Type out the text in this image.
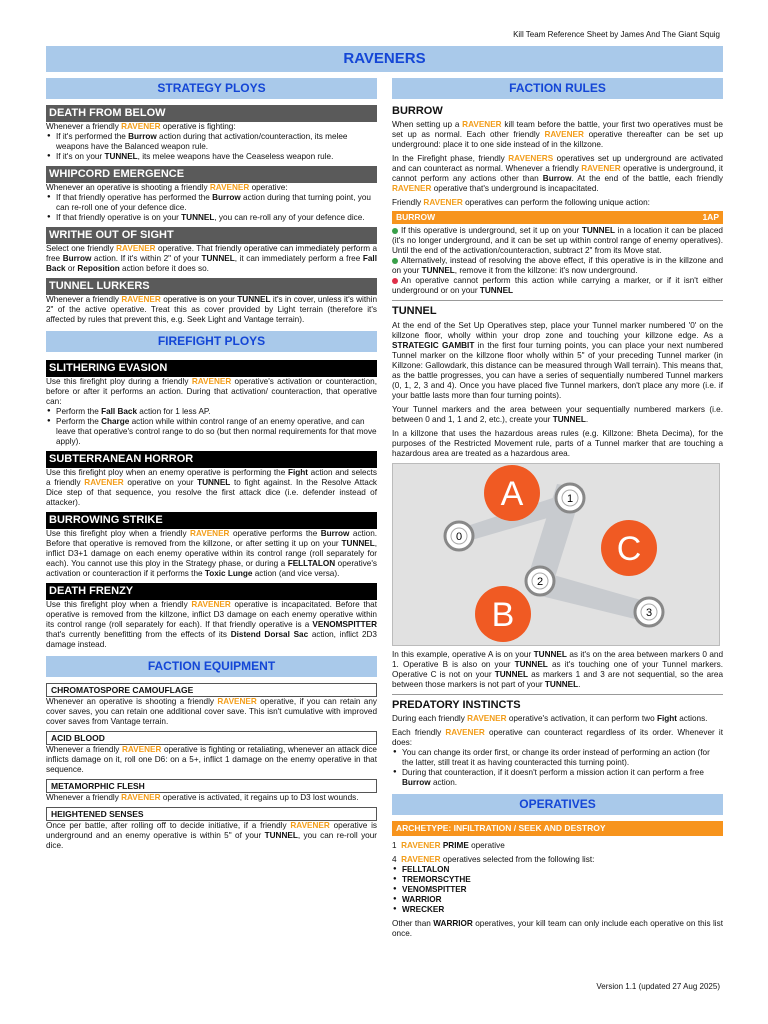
Kill Team Reference Sheet by James And The Giant Squig
RAVENERS
STRATEGY PLOYS
DEATH FROM BELOW

Whenever a friendly RAVENER operative is fighting:

● If it's performed the Burrow action during that activation/counteraction, its melee weapons have the Balanced weapon rule.
● If it's on your TUNNEL, its melee weapons have the Ceaseless weapon rule.
WHIPCORD EMERGENCE

Whenever an operative is shooting a friendly RAVENER operative:

● If that friendly operative has performed the Burrow action during that turning point, you can re-roll one of your defence dice.
● If that friendly operative is on your TUNNEL, you can re-roll any of your defence dice.
WRITHE OUT OF SIGHT

Select one friendly RAVENER operative. That friendly operative can immediately perform a free Burrow action. If it's within 2" of your TUNNEL, it can immediately perform a free Fall Back or Reposition action before it does so.

TUNNEL LURKERS

Whenever a friendly RAVENER operative is on your TUNNEL it's in cover, unless it's within 2" of the active operative. Treat this as cover provided by Light terrain (therefore it's affected by rules that prevent this, e.g. Seek Light and Vantage terrain).

FIREFIGHT PLOYS
SLITHERING EVASION

Use this firefight ploy during a friendly RAVENER operative's activation or counteraction, before or after it performs an action. During that activation/ counteraction, that operative can:

● Perform the Fall Back action for 1 less AP.
● Perform the Charge action while within control range of an enemy operative, and can leave that operative's control range to do so (but then normal requirements for that move apply).
SUBTERRANEAN HORROR

Use this firefight ploy when an enemy operative is performing the Fight action and selects a friendly RAVENER operative on your TUNNEL to fight against. In the Resolve Attack Dice step of that sequence, you resolve the first attack dice (i.e. defender instead of attacker).

BURROWING STRIKE

Use this firefight ploy when a friendly RAVENER operative performs the Burrow action. Before that operative is removed from the killzone, or after setting it up on your TUNNEL, inflict D3+1 damage on each enemy operative within its control range (roll separately for each). You cannot use this ploy in the Strategy phase, or during a FELLTALON operative's activation or counteraction if it performs the Toxic Lunge action (and vice versa).

DEATH FRENZY

Use this firefight ploy when a friendly RAVENER operative is incapacitated. Before that operative is removed from the killzone, inflict D3 damage on each enemy operative within its control range (roll separately for each). If that friendly operative is a VENOMSPITTER that's currently benefitting from the effects of its Distend Dorsal Sac action, inflict 2D3 damage instead.

FACTION EQUIPMENT
CHROMATOSPORE CAMOUFLAGE

Whenever an operative is shooting a friendly RAVENER operative, if you can retain any cover saves, you can retain one additional cover save. This isn't cumulative with improved cover saves from Vantage terrain.

ACID BLOOD

Whenever a friendly RAVENER operative is fighting or retaliating, whenever an attack dice inflicts damage on it, roll one D6: on a 5+, inflict 1 damage on the enemy operative in that sequence.

METAMORPHIC FLESH

Whenever a friendly RAVENER operative is activated, it regains up to D3 lost wounds.

HEIGHTENED SENSES

Once per battle, after rolling off to decide initiative, if a friendly RAVENER operative is underground and an enemy operative is within 5" of your TUNNEL, you can re-roll your dice.

FACTION RULES
BURROW

When setting up a RAVENER kill team before the battle, your first two operatives must be set up as normal. Each other friendly RAVENER operative thereafter can be set up underground: place it to one side instead of in the killzone.

In the Firefight phase, friendly RAVENERS operatives set up underground are activated and can counteract as normal. Whenever a friendly RAVENER operative is underground, it cannot perform any actions other than Burrow. At the end of the battle, each friendly RAVENER operative that's underground is incapacitated.

Friendly RAVENER operatives can perform the following unique action:

BURROW	1AP

If this operative is underground, set it up on your TUNNEL in a location it can be placed (it's no longer underground, and it can be set up within control range of enemy operatives). Until the end of the activation/counteraction, subtract 2" from its Move stat.

Alternatively, instead of resolving the above effect, if this operative is in the killzone and on your TUNNEL, remove it from the killzone: it's now underground.

An operative cannot perform this action while carrying a marker, or if it isn't either underground or on your TUNNEL

TUNNEL

At the end of the Set Up Operatives step, place your Tunnel marker numbered '0' on the killzone floor, wholly within your drop zone and touching your killzone edge. As a STRATEGIC GAMBIT in the first four turning points, you can place your next numbered Tunnel marker on the killzone floor wholly within 5" of your preceding Tunnel marker (in Killzone: Gallowdark, this distance can be measured through Wall terrain). This means that, as the battle progresses, you can have a series of sequentially numbered Tunnel markers (0, 1, 2, 3 and 4). Once you have placed five Tunnel markers, don't place any more (i.e. if your battle lasts more than four turning points).

Your Tunnel markers and the area between your sequentially numbered markers (i.e. between 0 and 1, 1 and 2, etc.), create your TUNNEL.

In a killzone that uses the hazardous areas rules (e.g. Killzone: Bheta Decima), for the purposes of the Restricted Movement rule, parts of a Tunnel marker that are touching a hazardous area are treated as a hazardous area.

0
1
2
3
A
B
C

In this example, operative A is on your TUNNEL as it's on the area between markers 0 and 1. Operative B is also on your TUNNEL as it's touching one of your Tunnel markers. Operative C is not on your TUNNEL as markers 1 and 3 are not sequential, so the area between those markers is not part of your TUNNEL.

PREDATORY INSTINCTS

During each friendly RAVENER operative's activation, it can perform two Fight actions.

Each friendly RAVENER operative can counteract regardless of its order. Whenever it does:

● You can change its order first, or change its order instead of performing an action (for the latter, still treat it as having counteracted this turning point).
● During that counteraction, if it doesn't perform a mission action it can perform a free Burrow action.
OPERATIVES
ARCHETYPE: INFILTRATION / SEEK AND DESTROY

1 RAVENER PRIME operative

4 RAVENER operatives selected from the following list:

● FELLTALON
● TREMORSCYTHE
● VENOMSPITTER
● WARRIOR
● WRECKER

Other than WARRIOR operatives, your kill team can only include each operative on this list once.

Version 1.1 (updated 27 Aug 2025)
